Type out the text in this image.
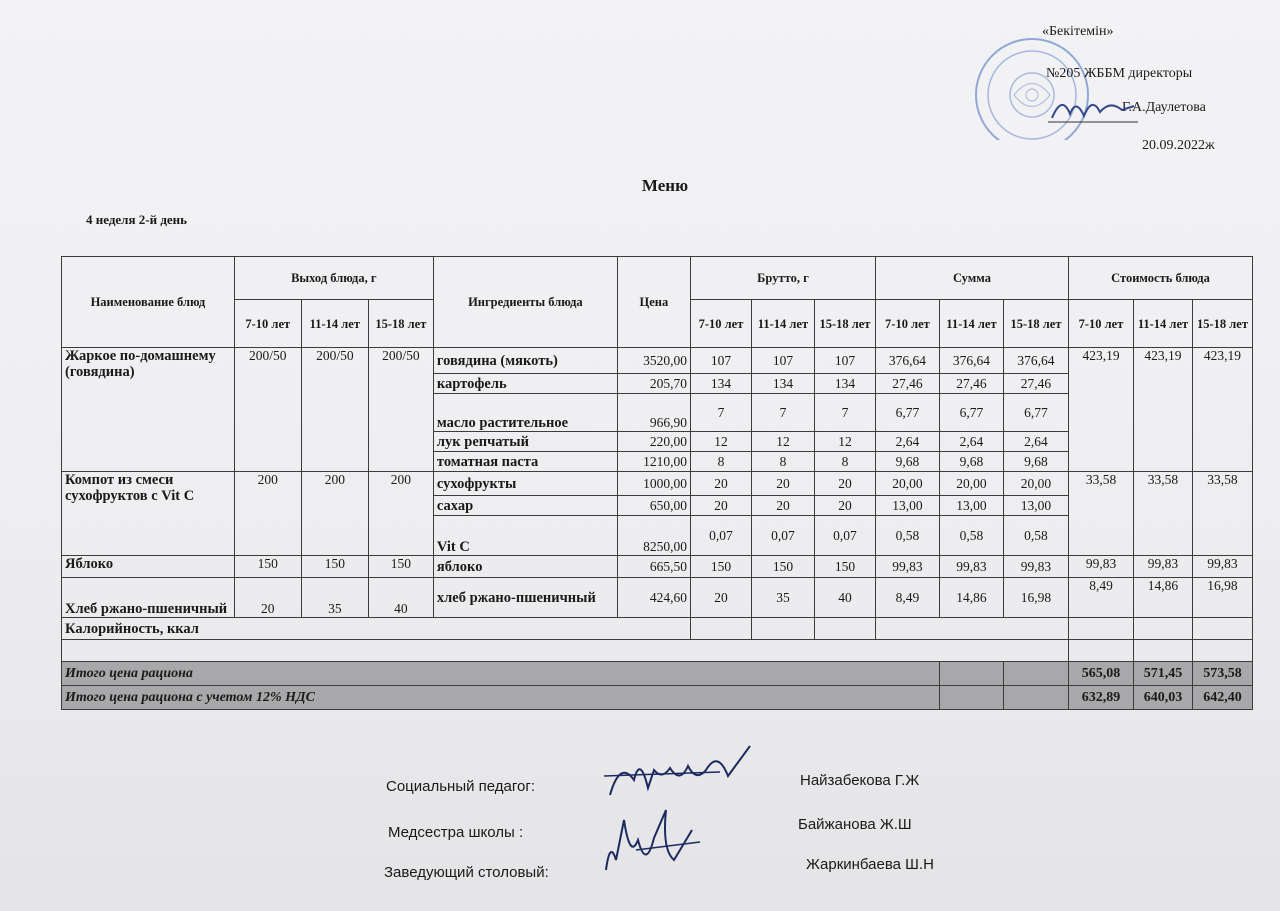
«Бекітемін»
№205 ЖББМ директоры
Г.А.Даулетова
20.09.2022ж
Меню
4 неделя 2-й день
Наименование блюд	Выход блюда, г			Ингредиенты блюда	Цена	Брутто, г			Сумма			Стоимость блюда		
	7-10 лет	11-14 лет	15-18 лет			7-10 лет	11-14 лет	15-18 лет	7-10 лет	11-14 лет	15-18 лет	7-10 лет	11-14 лет	15-18 лет
Жаркое по-домашнему (говядина)	200/50	200/50	200/50	говядина (мякоть)	3520,00	107	107	107	376,64	376,64	376,64	423,19	423,19	423,19
				картофель	205,70	134	134	134	27,46	27,46	27,46			
				масло растительное	966,90	7	7	7	6,77	6,77	6,77			
				лук репчатый	220,00	12	12	12	2,64	2,64	2,64			
				томатная паста	1210,00	8	8	8	9,68	9,68	9,68			
Компот из смеси сухофруктов с Vit C	200	200	200	сухофрукты	1000,00	20	20	20	20,00	20,00	20,00	33,58	33,58	33,58
				сахар	650,00	20	20	20	13,00	13,00	13,00			
				Vit C	8250,00	0,07	0,07	0,07	0,58	0,58	0,58			
Яблоко	150	150	150	яблоко	665,50	150	150	150	99,83	99,83	99,83	99,83	99,83	99,83
Хлеб ржано-пшеничный	20	35	40	хлеб ржано-пшеничный	424,60	20	35	40	8,49	14,86	16,98	8,49	14,86	16,98
Калорийность, ккал														

Итого цена рациона												565,08	571,45	573,58
Итого цена рациона с учетом 12% НДС												632,89	640,03	642,40
Социальный педагог:	Найзабекова Г.Ж
Медсестра школы :	Байжанова Ж.Ш
Заведующий столовый:	Жаркинбаева Ш.Н
